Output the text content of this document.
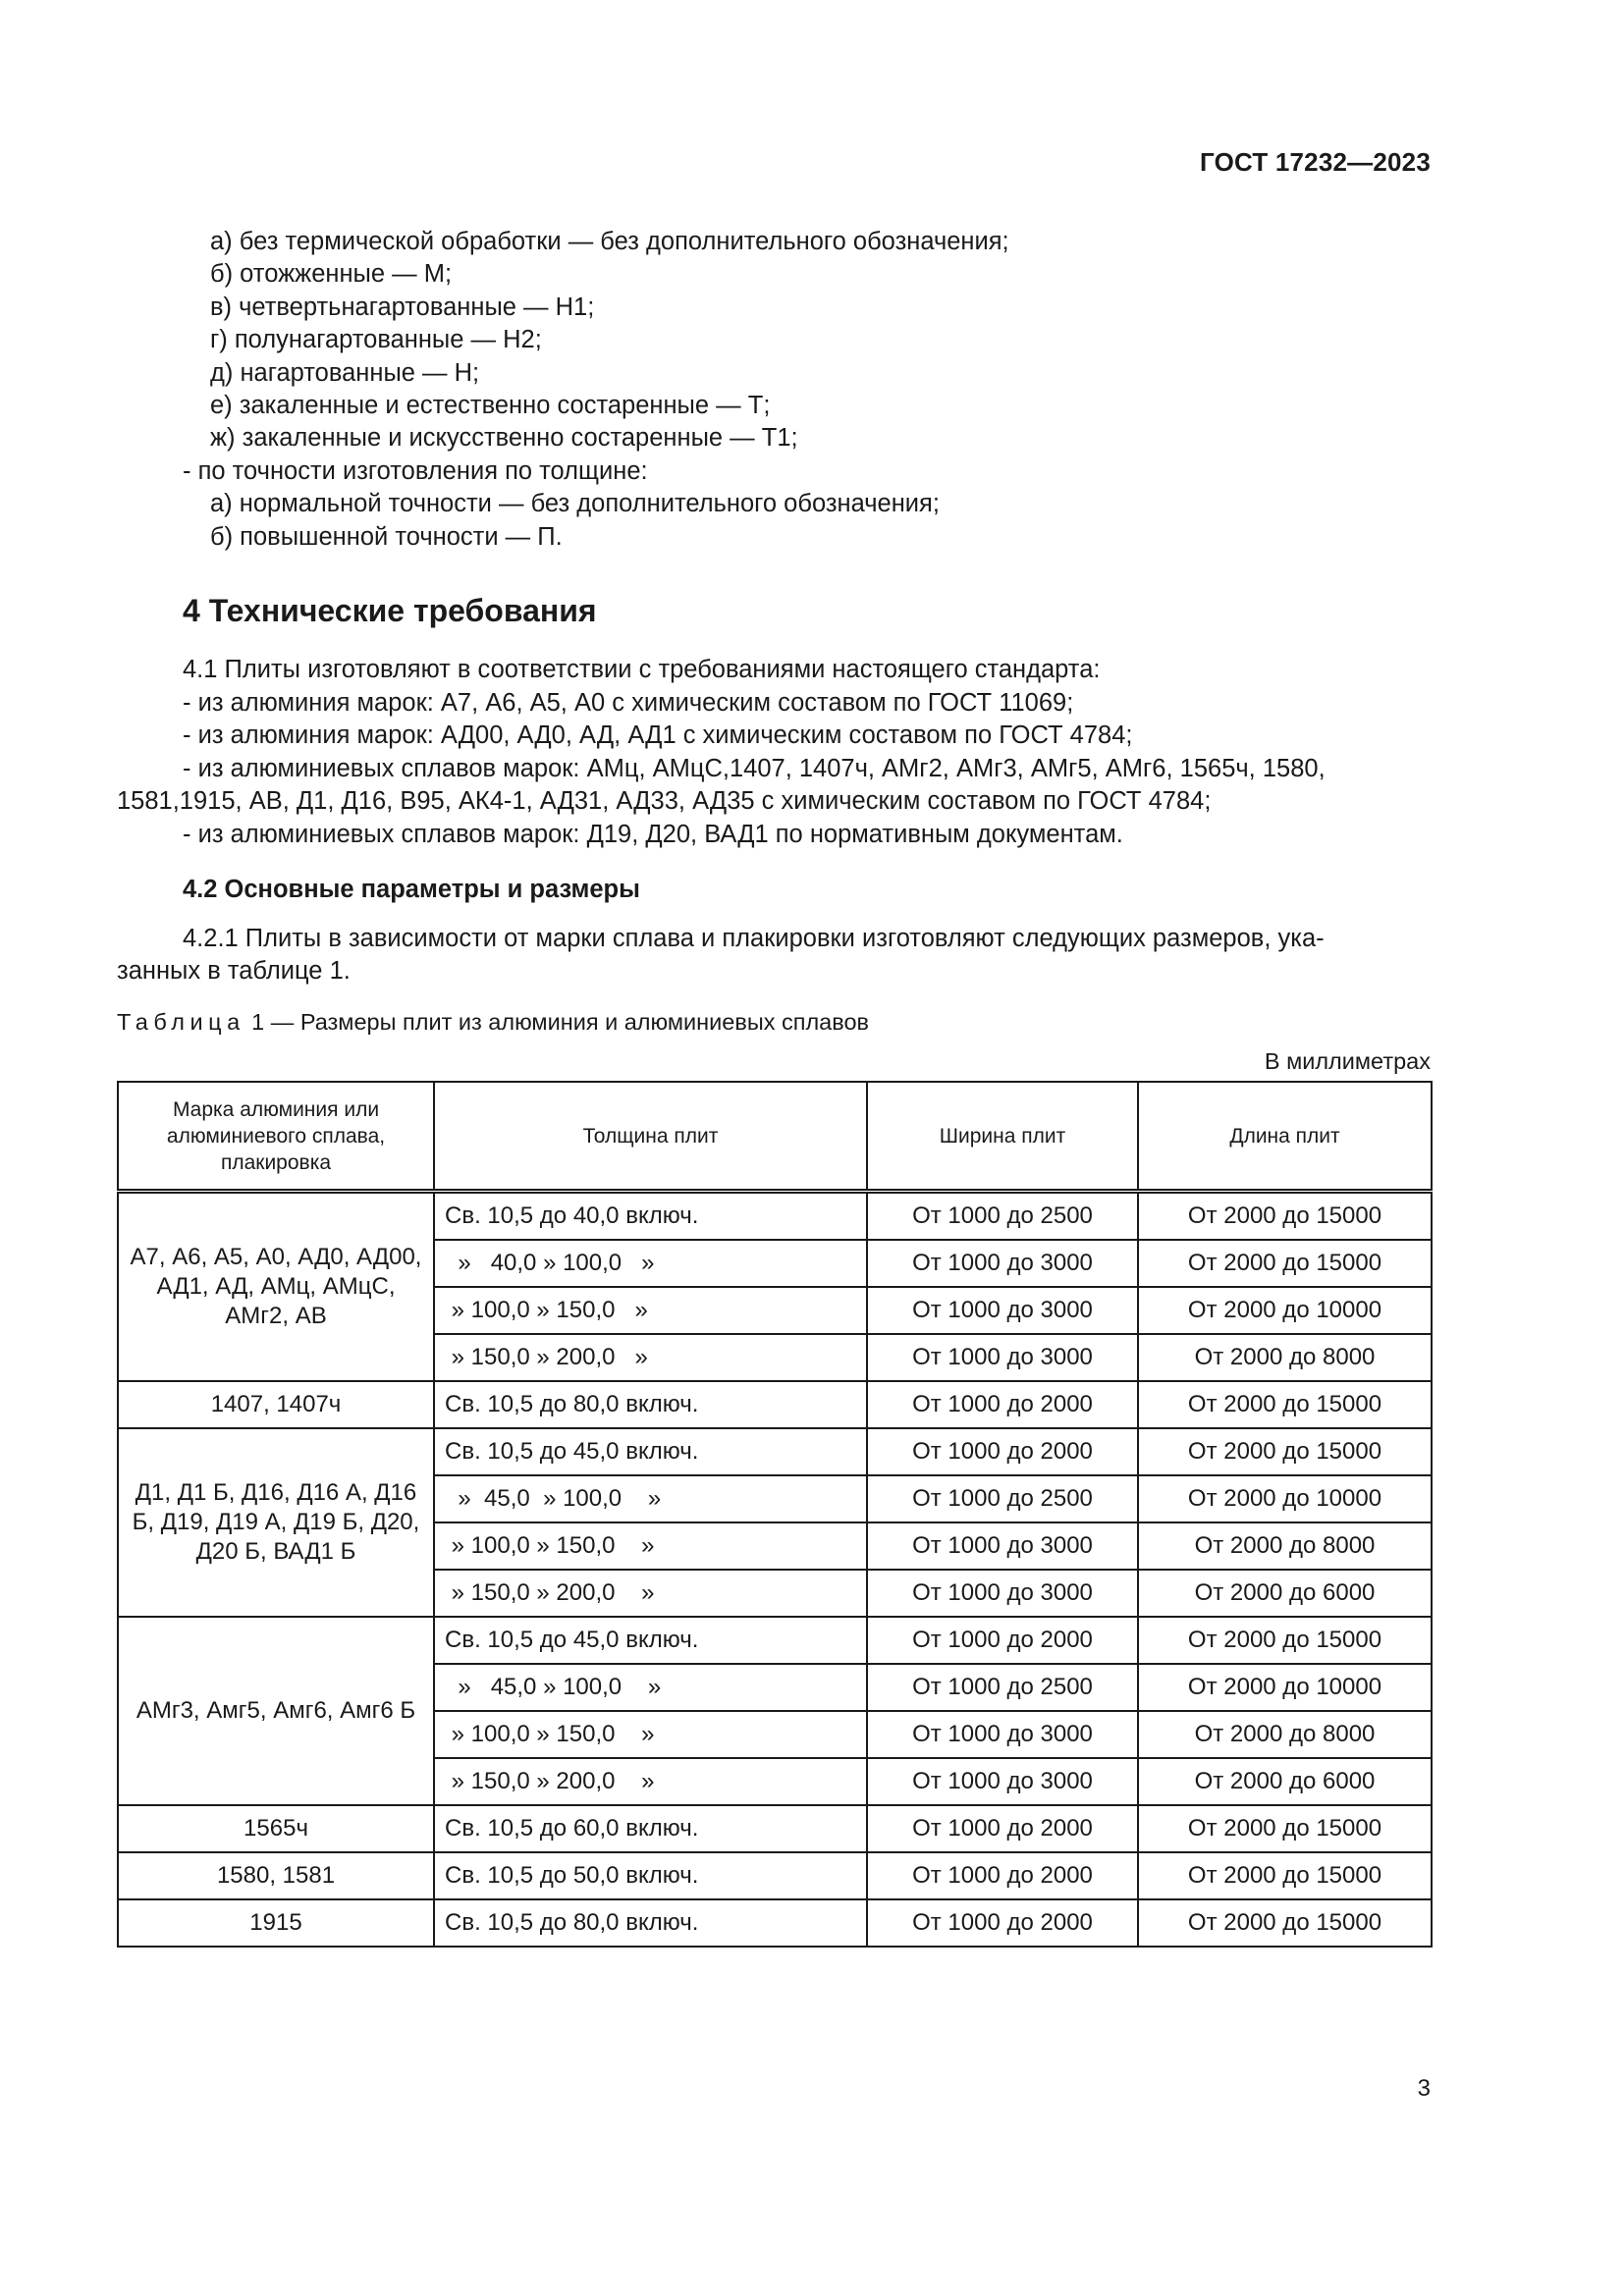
ГОСТ 17232—2023
а) без термической обработки — без дополнительного обозначения;
б) отожженные — М;
в) четвертьнагартованные — Н1;
г) полунагартованные — Н2;
д) нагартованные — Н;
е) закаленные и естественно состаренные — Т;
ж) закаленные и искусственно состаренные — Т1;
- по точности изготовления по толщине:
а) нормальной точности — без дополнительного обозначения;
б) повышенной точности — П.
4 Технические требования
4.1 Плиты изготовляют в соответствии с требованиями настоящего стандарта:
- из алюминия марок: А7, А6, А5, А0 с химическим составом по ГОСТ 11069;
- из алюминия марок: АД00, АД0, АД, АД1 с химическим составом по ГОСТ 4784;
- из алюминиевых сплавов марок: АМц, АМцС,1407, 1407ч, АМг2, АМг3, АМг5, АМг6, 1565ч, 1580,
1581,1915, АВ, Д1, Д16, В95, АК4-1, АД31, АД33, АД35 с химическим составом по ГОСТ 4784;
- из алюминиевых сплавов марок: Д19, Д20, ВАД1 по нормативным документам.
4.2 Основные параметры и размеры
4.2.1 Плиты в зависимости от марки сплава и плакировки изготовляют следующих размеров, ука-
занных в таблице 1.
Таблица 1 — Размеры плит из алюминия и алюминиевых сплавов
В миллиметрах
Марка алюминия или алюминиевого сплава, плакировка	Толщина плит	Ширина плит	Длина плит
А7, А6, А5, А0, АД0, АД00, АД1, АД, АМц, АМцС, АМг2, АВ	Св. 10,5 до 40,0 включ.	От 1000 до 2500	От 2000 до 15000
	»   40,0 » 100,0   »	От 1000 до 3000	От 2000 до 15000
	» 100,0 » 150,0   »	От 1000 до 3000	От 2000 до 10000
	» 150,0 » 200,0   »	От 1000 до 3000	От 2000 до 8000
1407, 1407ч	Св. 10,5 до 80,0 включ.	От 1000 до 2000	От 2000 до 15000
Д1, Д1 Б, Д16, Д16 А, Д16 Б, Д19, Д19 А, Д19 Б, Д20, Д20 Б, ВАД1 Б	Св. 10,5 до 45,0 включ.	От 1000 до 2000	От 2000 до 15000
	»  45,0  » 100,0    »	От 1000 до 2500	От 2000 до 10000
	» 100,0 » 150,0    »	От 1000 до 3000	От 2000 до 8000
	» 150,0 » 200,0    »	От 1000 до 3000	От 2000 до 6000
АМг3, Амг5, Амг6, Амг6 Б	Св. 10,5 до 45,0 включ.	От 1000 до 2000	От 2000 до 15000
	»   45,0 » 100,0    »	От 1000 до 2500	От 2000 до 10000
	» 100,0 » 150,0    »	От 1000 до 3000	От 2000 до 8000
	» 150,0 » 200,0    »	От 1000 до 3000	От 2000 до 6000
1565ч	Св. 10,5 до 60,0 включ.	От 1000 до 2000	От 2000 до 15000
1580, 1581	Св. 10,5 до 50,0 включ.	От 1000 до 2000	От 2000 до 15000
1915	Св. 10,5 до 80,0 включ.	От 1000 до 2000	От 2000 до 15000
3
